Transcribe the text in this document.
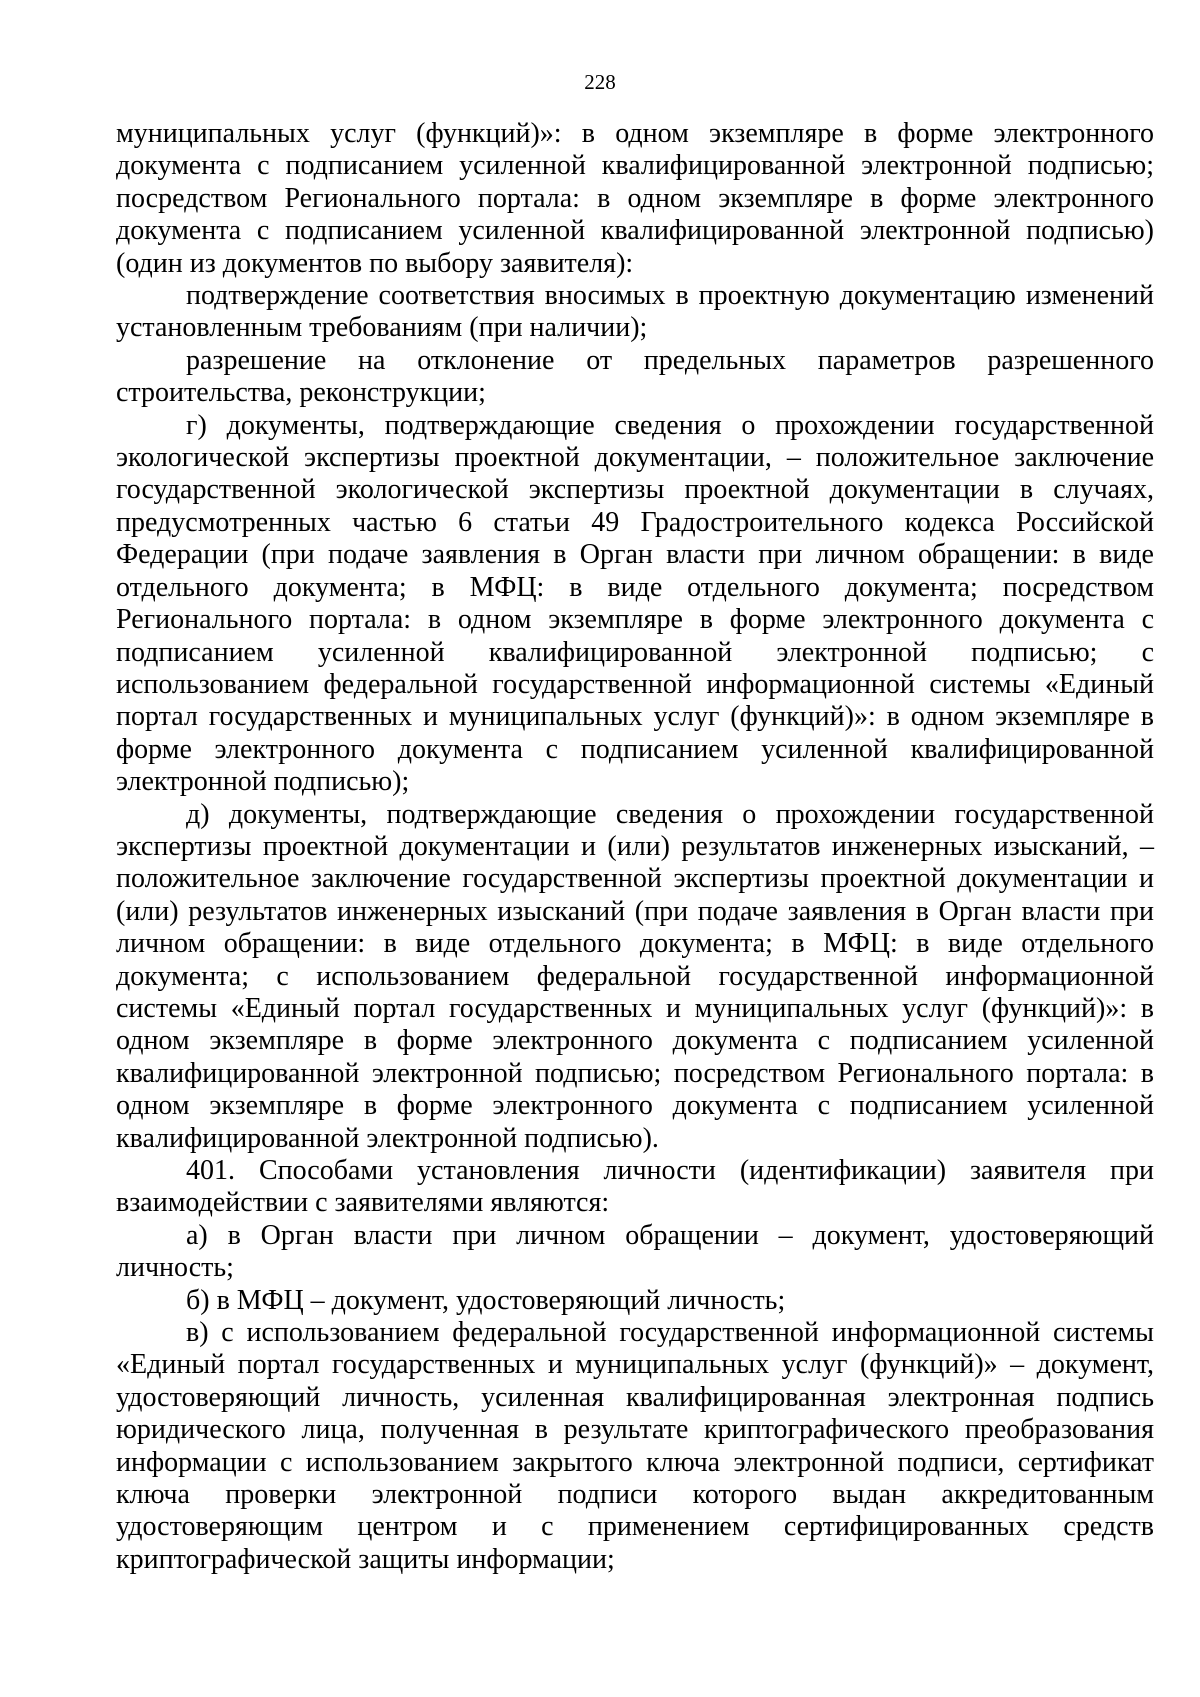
228

муниципальных услуг (функций)»: в одном экземпляре в форме электронного документа с подписанием усиленной квалифицированной электронной подписью; посредством Регионального портала: в одном экземпляре в форме электронного документа с подписанием усиленной квалифицированной электронной подписью) (один из документов по выбору заявителя):

подтверждение соответствия вносимых в проектную документацию изменений установленным требованиям (при наличии);

разрешение на отклонение от предельных параметров разрешенного строительства, реконструкции;

г) документы, подтверждающие сведения о прохождении государственной экологической экспертизы проектной документации, – положительное заключение государственной экологической экспертизы проектной документации в случаях, предусмотренных частью 6 статьи 49 Градостроительного кодекса Российской Федерации (при подаче заявления в Орган власти при личном обращении: в виде отдельного документа; в МФЦ: в виде отдельного документа; посредством Регионального портала: в одном экземпляре в форме электронного документа с подписанием усиленной квалифицированной электронной подписью; с использованием федеральной государственной информационной системы «Единый портал государственных и муниципальных услуг (функций)»: в одном экземпляре в форме электронного документа с подписанием усиленной квалифицированной электронной подписью);

д) документы, подтверждающие сведения о прохождении государственной экспертизы проектной документации и (или) результатов инженерных изысканий, – положительное заключение государственной экспертизы проектной документации и (или) результатов инженерных изысканий (при подаче заявления в Орган власти при личном обращении: в виде отдельного документа; в МФЦ: в виде отдельного документа; с использованием федеральной государственной информационной системы «Единый портал государственных и муниципальных услуг (функций)»: в одном экземпляре в форме электронного документа с подписанием усиленной квалифицированной электронной подписью; посредством Регионального портала: в одном экземпляре в форме электронного документа с подписанием усиленной квалифицированной электронной подписью).

401. Способами установления личности (идентификации) заявителя при взаимодействии с заявителями являются:

а) в Орган власти при личном обращении – документ, удостоверяющий личность;

б) в МФЦ – документ, удостоверяющий личность;

в) с использованием федеральной государственной информационной системы «Единый портал государственных и муниципальных услуг (функций)» – документ, удостоверяющий личность, усиленная квалифицированная электронная подпись юридического лица, полученная в результате криптографического преобразования информации с использованием закрытого ключа электронной подписи, сертификат ключа проверки электронной подписи которого выдан аккредитованным удостоверяющим центром и с применением сертифицированных средств криптографической защиты информации;
